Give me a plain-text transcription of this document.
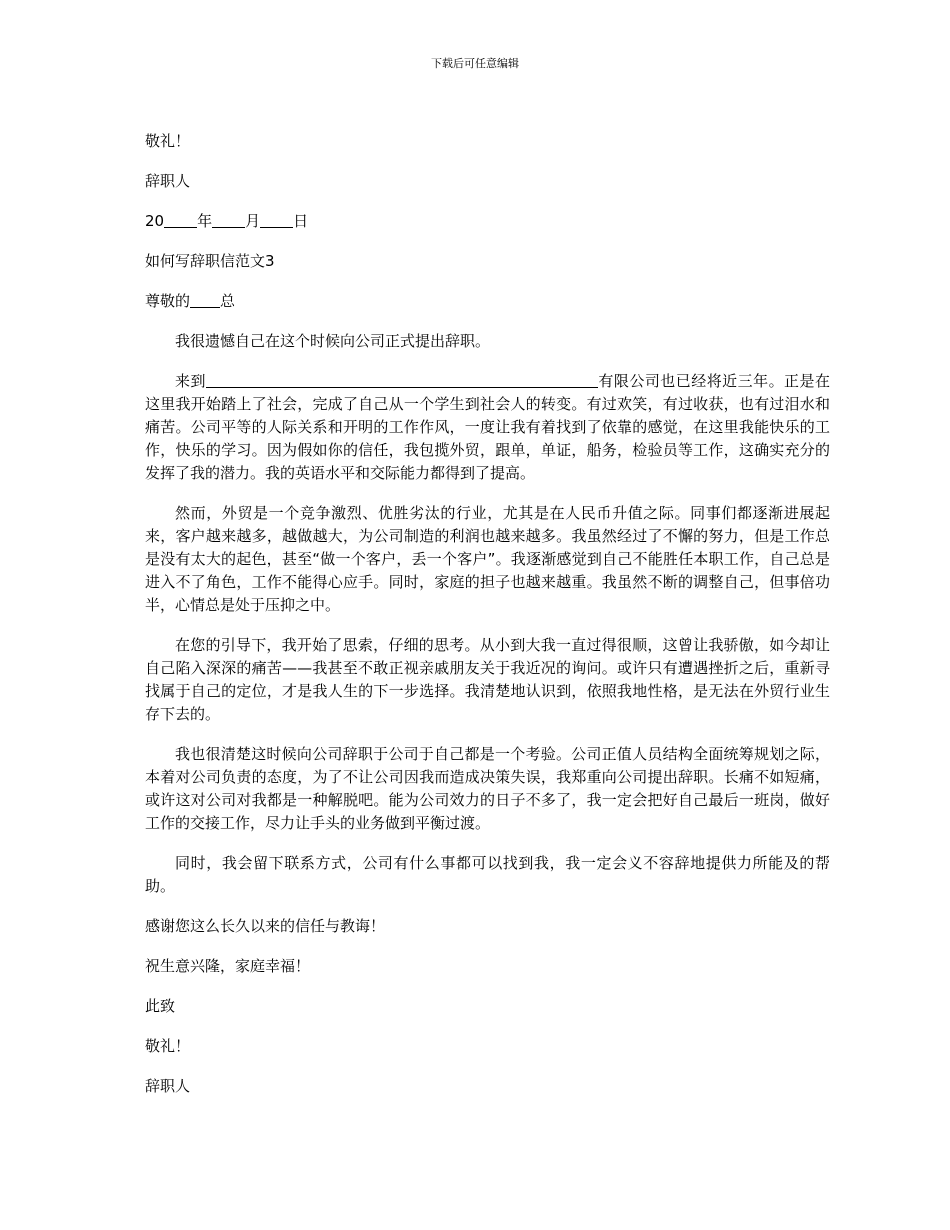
下载后可任意编辑

敬礼！

辞职人

20 年 月 日

如何写辞职信范文3

尊敬的 总

我很遗憾自己在这个时候向公司正式提出辞职。

来到	有限公司也已经将近三年。正是在这里我开始踏上了社会，完成了自己从一个学生到社会人的转变。有过欢笑，有过收获，也有过泪水和痛苦。公司平等的人际关系和开明的工作作风，一度让我有着找到了依靠的感觉，在这里我能快乐的工作，快乐的学习。因为假如你的信任，我包揽外贸，跟单，单证，船务，检验员等工作，这确实充分的发挥了我的潜力。我的英语水平和交际能力都得到了提高。

然而，外贸是一个竞争激烈、优胜劣汰的行业，尤其是在人民币升值之际。同事们都逐渐进展起来，客户越来越多，越做越大，为公司制造的利润也越来越多。我虽然经过了不懈的努力，但是工作总是没有太大的起色，甚至“做一个客户，丢一个客户”。我逐渐感觉到自己不能胜任本职工作，自己总是进入不了角色，工作不能得心应手。同时，家庭的担子也越来越重。我虽然不断的调整自己，但事倍功半，心情总是处于压抑之中。

在您的引导下，我开始了思索，仔细的思考。从小到大我一直过得很顺，这曾让我骄傲，如今却让自己陷入深深的痛苦——我甚至不敢正视亲戚朋友关于我近况的询问。或许只有遭遇挫折之后，重新寻找属于自己的定位，才是我人生的下一步选择。我清楚地认识到，依照我地性格，是无法在外贸行业生存下去的。

我也很清楚这时候向公司辞职于公司于自己都是一个考验。公司正值人员结构全面统筹规划之际，本着对公司负责的态度，为了不让公司因我而造成决策失误，我郑重向公司提出辞职。长痛不如短痛，或许这对公司对我都是一种解脱吧。能为公司效力的日子不多了，我一定会把好自己最后一班岗，做好工作的交接工作，尽力让手头的业务做到平衡过渡。

同时，我会留下联系方式，公司有什么事都可以找到我，我一定会义不容辞地提供力所能及的帮助。

感谢您这么长久以来的信任与教诲！

祝生意兴隆，家庭幸福！

此致

敬礼！

辞职人
